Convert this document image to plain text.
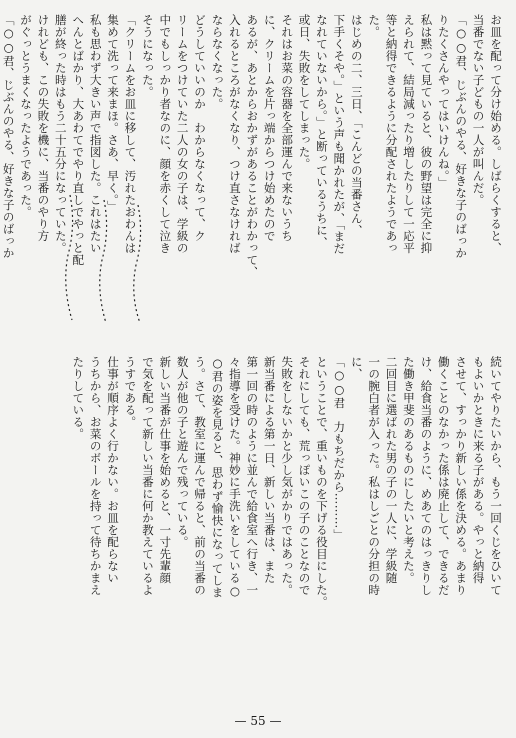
お皿を配って分け始める。しばらくすると、
当番でない子どもの一人が叫んだ。
「○○君、じぶんのやる、好きな子のばっか
りたくさんやってはいけんね。」
私は黙って見ていると、彼の野望は完全に抑
えられて、結局減ったり増したりして一応平
等と納得できるように分配されたようであっ
た。
はじめの二、三日、「こんどの当番さん、
下手くそや。」という声も聞かれたが、「まだ
なれていないから。」と断っているうちに、
或日、失敗をしてしまった。
それはお菜の容器を全部運んで来ないうち
に、クリームを片っ端からつけ始めたので
あるが、あとからおかずがあることがわかって、
入れるところがなくなり、つけ直さなければ
ならなくなった。
どうしていいのか　わからなくなって、ク
リームをつけていた二人の女の子は、学級の
中でもしっかり者なのに、顔を赤くして泣き
そうになった。
「クリームをお皿に移して、汚れたおわんは
集めて洗って来まほ。さあ、早く。」
私も思わず大きい声で指図した。これはたい
へんとばかり、大あわてでやり直しでやっと配
膳が終った時はもう二十五分になっていた。
けれども、この失敗を機に、当番のやり方
がぐっとうまくなったようであった。
「○○君、じぶんのやる、好きな子のばっか
続いてやりたいから、もう一回くじをひいて
もよいかときに来る子がある。やっと納得
させて、すっかり新しい係を決める。あまり
働くことのなかった係は廃止して、できるだ
け、給食当番のように、めあてのはっきりし
た働き甲斐のあるものにしたいと考えた。
二回目に選ばれた男の子の一人に、学級随
一の腕白者が入った。私はしごとの分担の時
に、
「○○君　力もちだから………」
ということで、重いものを下げる役目にした。
それにしても、荒っぽいこの子のことなので
失敗をしないかと少し気がかりではあった。
新当番による第一日、新しい当番は、また
第一回の時のように並んで給食室へ行き、一
々指導を受けた。神妙に手洗いをしている○
○君の姿を見ると、思わず愉快になってしま
う。さて、教室に運んで帰ると、前の当番の
数人が他の子と遊んで残っている。
新しい当番が仕事を始めると、一寸先輩顔
で気を配って新しい当番に何か教えているよ
うすである。
仕事が順序よく行かない。お皿を配らない
うちから、お菜のボールを持って待ちかまえ
たりしている。
— 55 —
